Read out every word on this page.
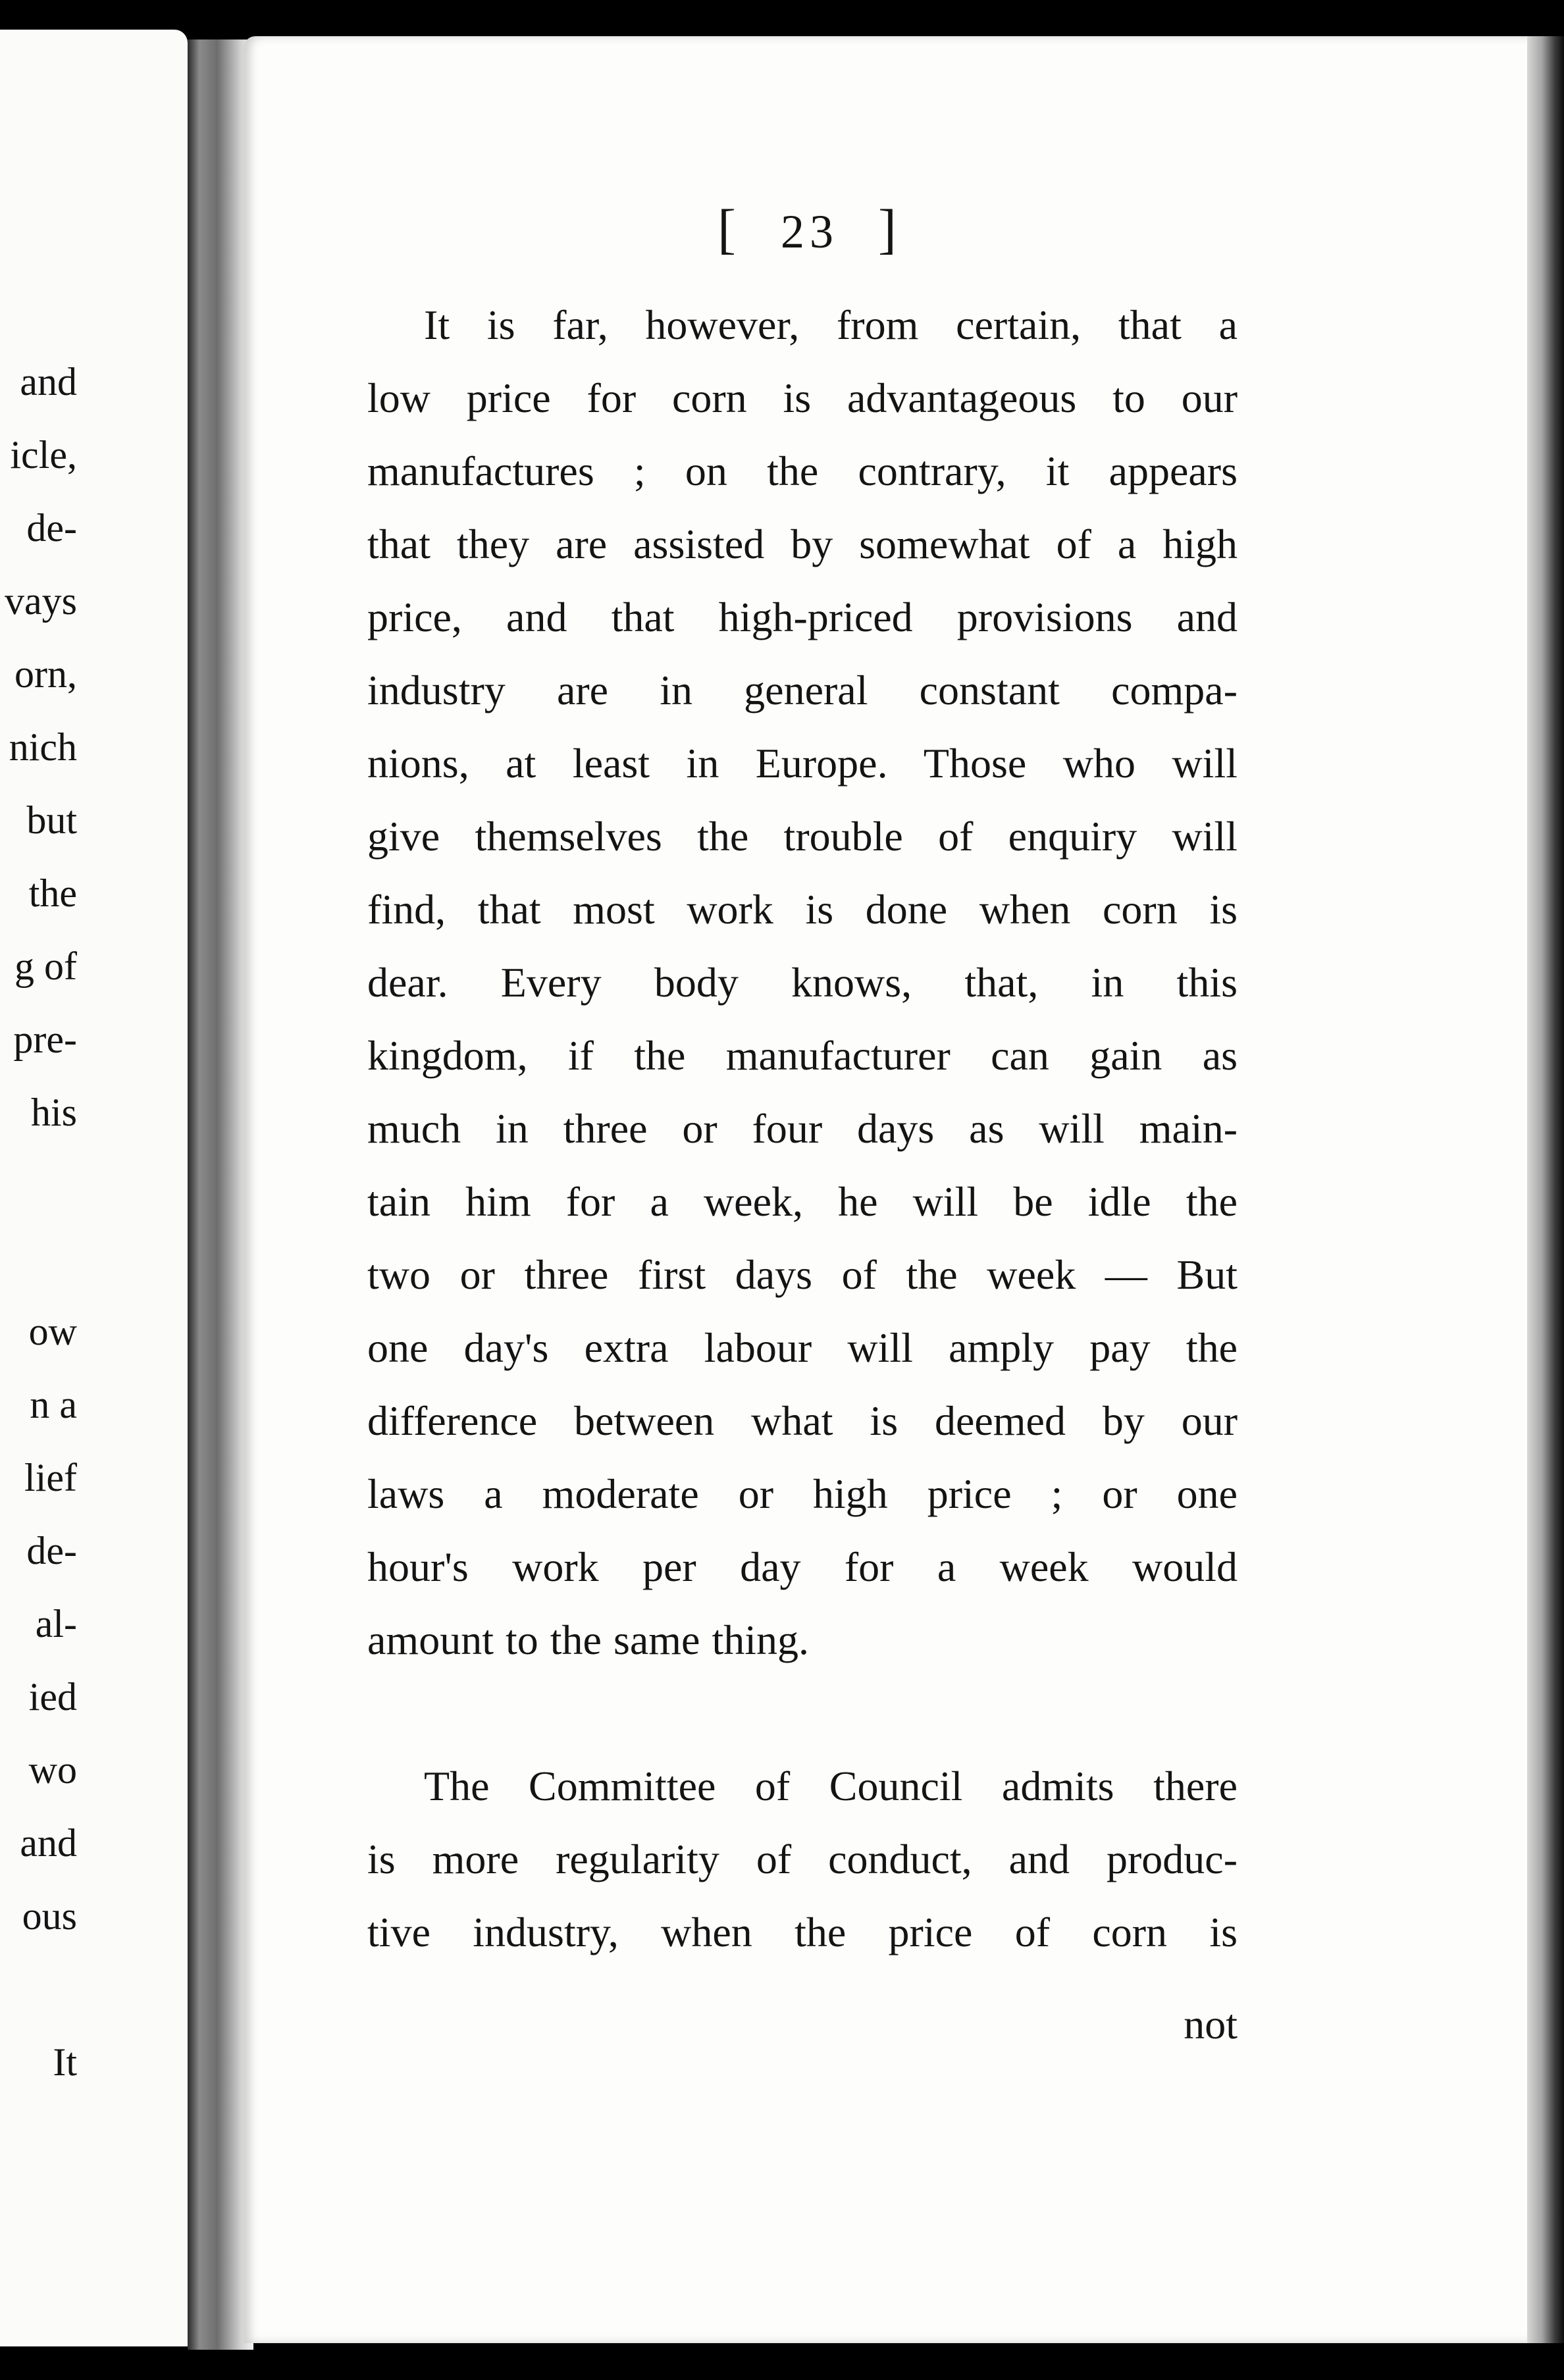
and
icle,
de-
vays
orn,
nich
but
the
g of
pre-
his
ow
n a
lief
de-
al-
ied
wo
and
ous
It
[ 23 ]
It is far, however, from certain, that a
low price for corn is advantageous to our
manufactures ; on the contrary, it appears
that they are assisted by somewhat of a high
price, and that high-priced provisions and
industry are in general constant compa-
nions, at least in Europe. Those who will
give themselves the trouble of enquiry will
find, that most work is done when corn is
dear. Every body knows, that, in this
kingdom, if the manufacturer can gain as
much in three or four days as will main-
tain him for a week, he will be idle the
two or three first days of the week — But
one day's extra labour will amply pay the
difference between what is deemed by our
laws a moderate or high price ; or one
hour's work per day for a week would
amount to the same thing.
The Committee of Council admits there
is more regularity of conduct, and produc-
tive industry, when the price of corn is
not
